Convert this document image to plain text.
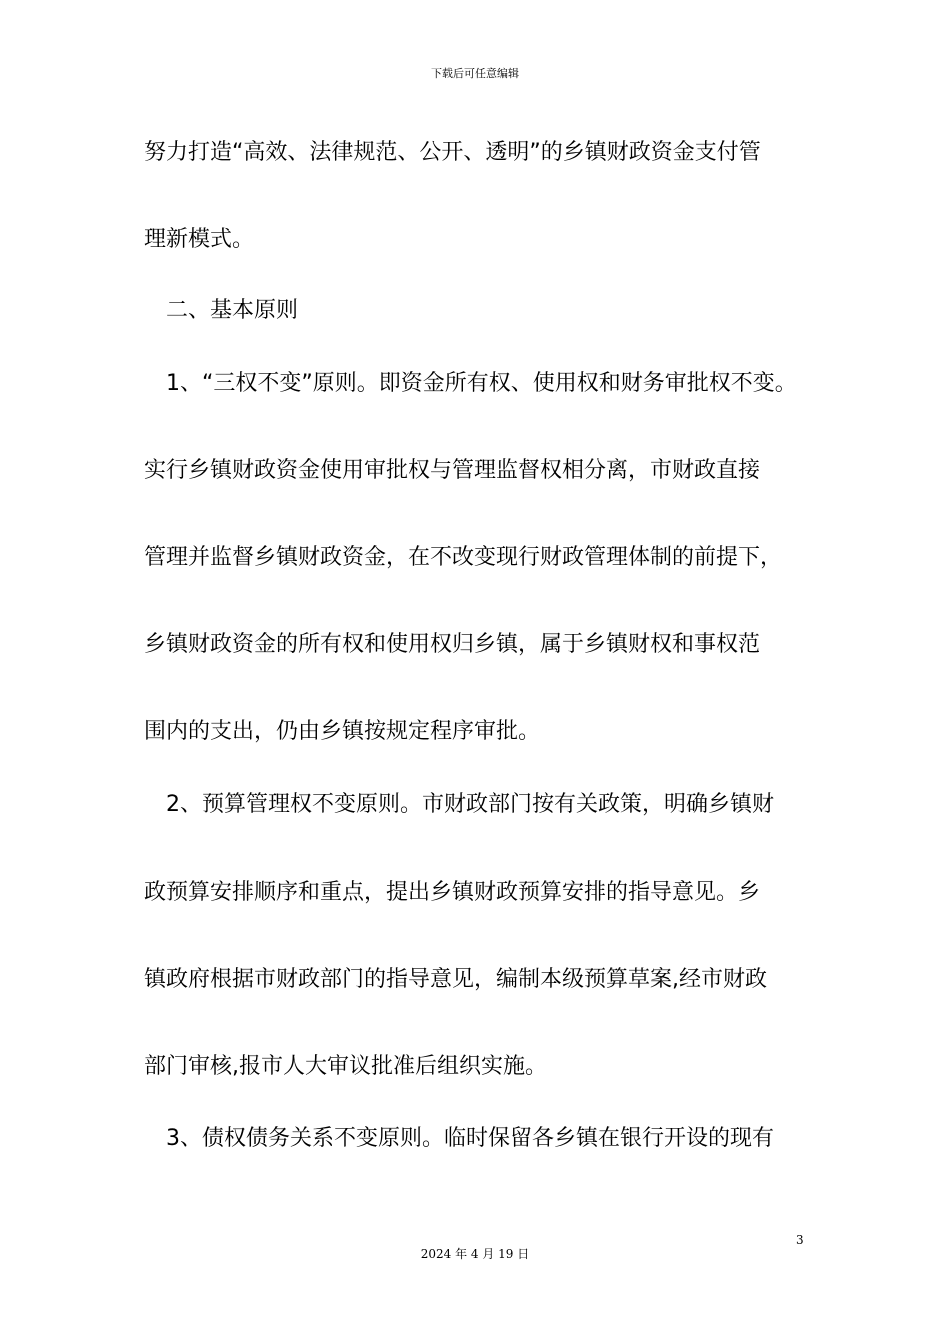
下载后可任意编辑
努力打造“高效、法律规范、公开、透明”的乡镇财政资金支付管
理新模式。
二、基本原则
1、“三权不变”原则。即资金所有权、使用权和财务审批权不变。
实行乡镇财政资金使用审批权与管理监督权相分离，市财政直接
管理并监督乡镇财政资金，在不改变现行财政管理体制的前提下，
乡镇财政资金的所有权和使用权归乡镇，属于乡镇财权和事权范
围内的支出，仍由乡镇按规定程序审批。
2、预算管理权不变原则。市财政部门按有关政策，明确乡镇财
政预算安排顺序和重点，提出乡镇财政预算安排的指导意见。乡
镇政府根据市财政部门的指导意见，编制本级预算草案,经市财政
部门审核,报市人大审议批准后组织实施。
3、债权债务关系不变原则。临时保留各乡镇在银行开设的现有
3
2024 年 4 月 19 日
